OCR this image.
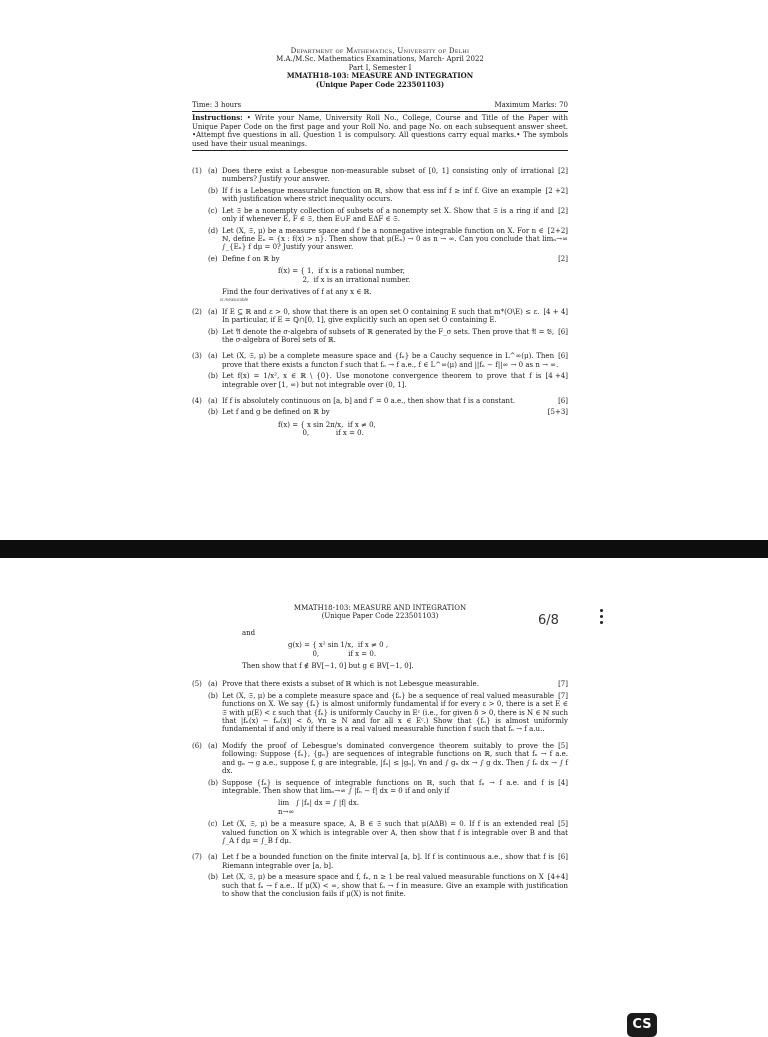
Department of Mathematics, University of Delhi
M.A./M.Sc. Mathematics Examinations, March- April 2022
Part I, Semester I
MMATH18-103: MEASURE AND INTEGRATION
(Unique Paper Code 223501103)
Time: 3 hours	Maximum Marks: 70
Instructions: • Write your Name, University Roll No., College, Course and Title of the Paper with Unique Paper Code on the first page and your Roll No. and page No. on each subsequent answer sheet. •Attempt five questions in all. Question 1 is compulsory. All questions carry equal marks.• The symbols used have their usual meanings.
(1) (a)	[2]
Does there exist a Lebesgue non-measurable subset of [0, 1] consisting only of irrational numbers? Justify your answer.
(b)	[2 +2]
If f is a Lebesgue measurable function on ℝ, show that ess inf f ≥ inf f. Give an example with justification where strict inequality occurs.
(c)	[2]
Let 𝔖 be a nonempty collection of subsets of a nonempty set X. Show that 𝔖 is a ring if and only if whenever E, F ∈ 𝔖, then E∪F and EΔF ∈ 𝔖.
(d)	[2+2]
Let (X, 𝔖, μ) be a measure space and f be a nonnegative integrable function on X. For n ∈ ℕ, define Eₙ = {x : f(x) > n}. Then show that μ(Eₙ) → 0 as n → ∞. Can you conclude that limₙ→∞ ∫_{Eₙ} f dμ = 0? Justify your answer.
(e)	[2]
Define f on ℝ by
f(x) = { 1,  if x is a rational number,
2,  if x is an irrational number.
Find the four derivatives of f at any x ∈ ℝ.
is measurable
(2) (a)	[4 + 4]
If E ⊆ ℝ and ε > 0, show that there is an open set O containing E such that m*(O\E) ≤ ε. In particular, if E = ℚ∩[0, 1], give explicitly such an open set O containing E.
(b)	[6]
Let 𝔄 denote the σ-algebra of subsets of ℝ generated by the F_σ sets. Then prove that 𝔄 = 𝔅, the σ-algebra of Borel sets of ℝ.
(3) (a)	[6]
Let (X, 𝔖, μ) be a complete measure space and {fₙ} be a Cauchy sequence in L^∞(μ). Then prove that there exists a functon f such that fₙ → f a.e., f ∈ L^∞(μ) and ||fₙ − f||∞ → 0 as n → ∞.
(b)	[4 +4]
Let f(x) = 1/x², x ∈ ℝ \ {0}. Use monotone convergence theorem to prove that f is integrable over [1, ∞) but not integrable over (0, 1].
(4) (a)	[6]
If f is absolutely continuous on [a, b] and f′ = 0 a.e., then show that f is a constant.
(b)	[5+3]
Let f and g be defined on ℝ by
f(x) = { x sin 2π/x,  if x ≠ 0,
0,            if x = 0.
MMATH18-103: MEASURE AND INTEGRATION
(Unique Paper Code 223501103)
and
g(x) = { x² sin 1/x,  if x ≠ 0 ,
0,             if x = 0.
Then show that f ∉ BV[−1, 0] but g ∈ BV[−1, 0].
(5) (a)	[7]
Prove that there exists a subset of ℝ which is not Lebesgue measurable.
(b)	[7]
Let (X, 𝔖, μ) be a complete measure space and {fₙ} be a sequence of real valued measurable functions on X. We say {fₙ} is almost uniformly fundamental if for every ε > 0, there is a set E ∈ 𝔖 with μ(E) < ε such that {fₙ} is uniformly Cauchy in Eᶜ (i.e., for given δ > 0, there is N ∈ ℕ such that |fₙ(x) − fₘ(x)| < δ, ∀n ≥ N and for all x ∈ Eᶜ.) Show that {fₙ} is almost uniformly fundamental if and only if there is a real valued measurable function f such that fₙ → f a.u..
(6) (a)	[5]
Modify the proof of Lebesgue's dominated convergence theorem suitably to prove the following: Suppose {fₙ}, {gₙ} are sequences of integrable functions on ℝ, such that fₙ → f a.e. and gₙ → g a.e., suppose f, g are integrable, |fₙ| ≤ |gₙ|, ∀n and ∫ gₙ dx → ∫ g dx. Then ∫ fₙ dx → ∫ f dx.
(b)	[4]
Suppose {fₙ} is sequence of integrable functions on ℝ, such that fₙ → f a.e. and f is integrable. Then show that limₙ→∞ ∫ |fₙ − f| dx = 0 if and only if
lim   ∫ |fₙ| dx = ∫ |f| dx.
n→∞
(c)	[5]
Let (X, 𝔖, μ) be a measure space, A, B ∈ 𝔖 such that μ(AΔB) = 0. If f is an extended real valued function on X which is integrable over A, then show that f is integrable over B and that ∫_A f dμ = ∫_B f dμ.
(7) (a)	[6]
Let f be a bounded function on the finite interval [a, b]. If f is continuous a.e., show that f is Riemann integrable over [a, b].
(b)	[4+4]
Let (X, 𝔖, μ) be a measure space and f, fₙ, n ≥ 1 be real valued measurable functions on X such that fₙ → f a.e.. If μ(X) < ∞, show that fₙ → f in measure. Give an example with justification to show that the conclusion fails if μ(X) is not finite.
6/8
CS
